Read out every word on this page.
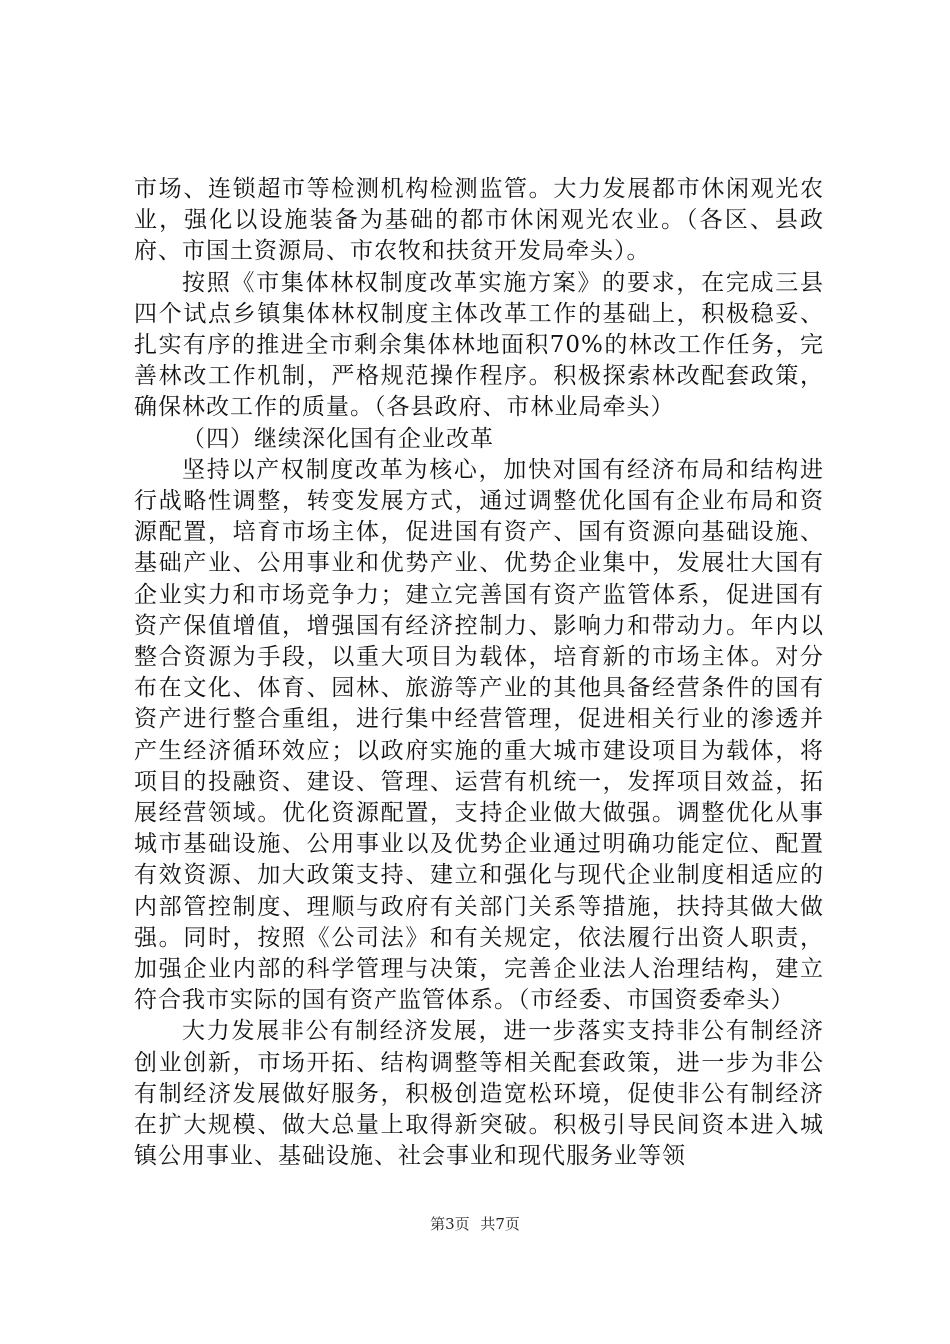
市场、连锁超市等检测机构检测监管。大力发展都市休闲观光农业，强化以设施装备为基础的都市休闲观光农业。（各区、县政府、市国土资源局、市农牧和扶贫开发局牵头）。

按照《市集体林权制度改革实施方案》的要求，在完成三县四个试点乡镇集体林权制度主体改革工作的基础上，积极稳妥、扎实有序的推进全市剩余集体林地面积70%的林改工作任务，完善林改工作机制，严格规范操作程序。积极探索林改配套政策，确保林改工作的质量。（各县政府、市林业局牵头）

（四）继续深化国有企业改革

坚持以产权制度改革为核心，加快对国有经济布局和结构进行战略性调整，转变发展方式，通过调整优化国有企业布局和资源配置，培育市场主体，促进国有资产、国有资源向基础设施、基础产业、公用事业和优势产业、优势企业集中，发展壮大国有企业实力和市场竞争力；建立完善国有资产监管体系，促进国有资产保值增值，增强国有经济控制力、影响力和带动力。年内以整合资源为手段，以重大项目为载体，培育新的市场主体。对分布在文化、体育、园林、旅游等产业的其他具备经营条件的国有资产进行整合重组，进行集中经营管理，促进相关行业的渗透并产生经济循环效应；以政府实施的重大城市建设项目为载体，将项目的投融资、建设、管理、运营有机统一，发挥项目效益，拓展经营领域。优化资源配置，支持企业做大做强。调整优化从事城市基础设施、公用事业以及优势企业通过明确功能定位、配置有效资源、加大政策支持、建立和强化与现代企业制度相适应的内部管控制度、理顺与政府有关部门关系等措施，扶持其做大做强。同时，按照《公司法》和有关规定，依法履行出资人职责，加强企业内部的科学管理与决策，完善企业法人治理结构，建立符合我市实际的国有资产监管体系。（市经委、市国资委牵头）

大力发展非公有制经济发展，进一步落实支持非公有制经济创业创新，市场开拓、结构调整等相关配套政策，进一步为非公有制经济发展做好服务，积极创造宽松环境，促使非公有制经济在扩大规模、做大总量上取得新突破。积极引导民间资本进入城镇公用事业、基础设施、社会事业和现代服务业等领

第3页 共7页
